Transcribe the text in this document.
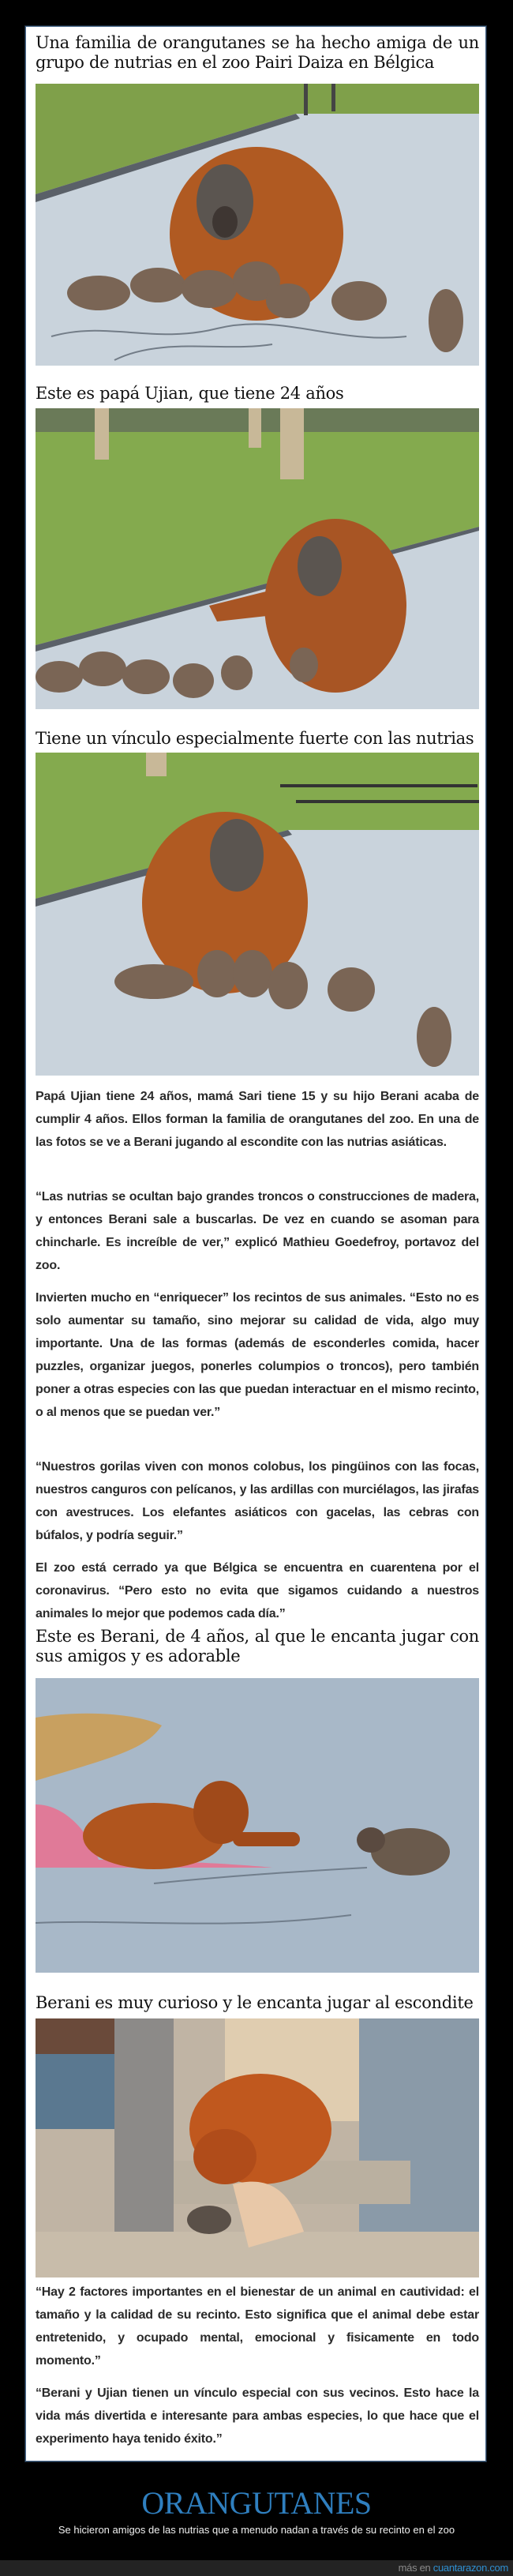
Una familia de orangutanes se ha hecho amiga de un grupo de nutrias en el zoo Pairi Daiza en Bélgica
Este es papá Ujian, que tiene 24 años
Tiene un vínculo especialmente fuerte con las nutrias
Papá Ujian tiene 24 años, mamá Sari tiene 15 y su hijo Berani acaba de cumplir 4 años. Ellos forman la familia de orangutanes del zoo. En una de las fotos se ve a Berani jugando al escondite con las nutrias asiáticas.
“Las nutrias se ocultan bajo grandes troncos o construcciones de madera, y entonces Berani sale a buscarlas. De vez en cuando se asoman para chincharle. Es increíble de ver,” explicó Mathieu Goedefroy, portavoz del zoo.
Invierten mucho en “enriquecer” los recintos de sus animales. “Esto no es solo aumentar su tamaño, sino mejorar su calidad de vida, algo muy importante. Una de las formas (además de esconderles comida, hacer puzzles, organizar juegos, ponerles columpios o troncos), pero también poner a otras especies con las que puedan interactuar en el mismo recinto, o al menos que se puedan ver.”
“Nuestros gorilas viven con monos colobus, los pingüinos con las focas, nuestros canguros con pelícanos, y las ardillas con murciélagos, las jirafas con avestruces. Los elefantes asiáticos con gacelas, las cebras con búfalos, y podría seguir.”
El zoo está cerrado ya que Bélgica se encuentra en cuarentena por el coronavirus. “Pero esto no evita que sigamos cuidando a nuestros animales lo mejor que podemos cada día.”
Este es Berani, de 4 años, al que le encanta jugar con sus amigos y es adorable
Berani es muy curioso y le encanta jugar al escondite
“Hay 2 factores importantes en el bienestar de un animal en cautividad: el tamaño y la calidad de su recinto. Esto significa que el animal debe estar entretenido, y ocupado mental, emocional y fisicamente en todo momento.”
“Berani y Ujian tienen un vínculo especial con sus vecinos. Esto hace la vida más divertida e interesante para ambas especies, lo que hace que el experimento haya tenido éxito.”
ORANGUTANES
Se hicieron amigos de las nutrias que a menudo nadan a través de su recinto en el zoo
más en cuantarazon.com
